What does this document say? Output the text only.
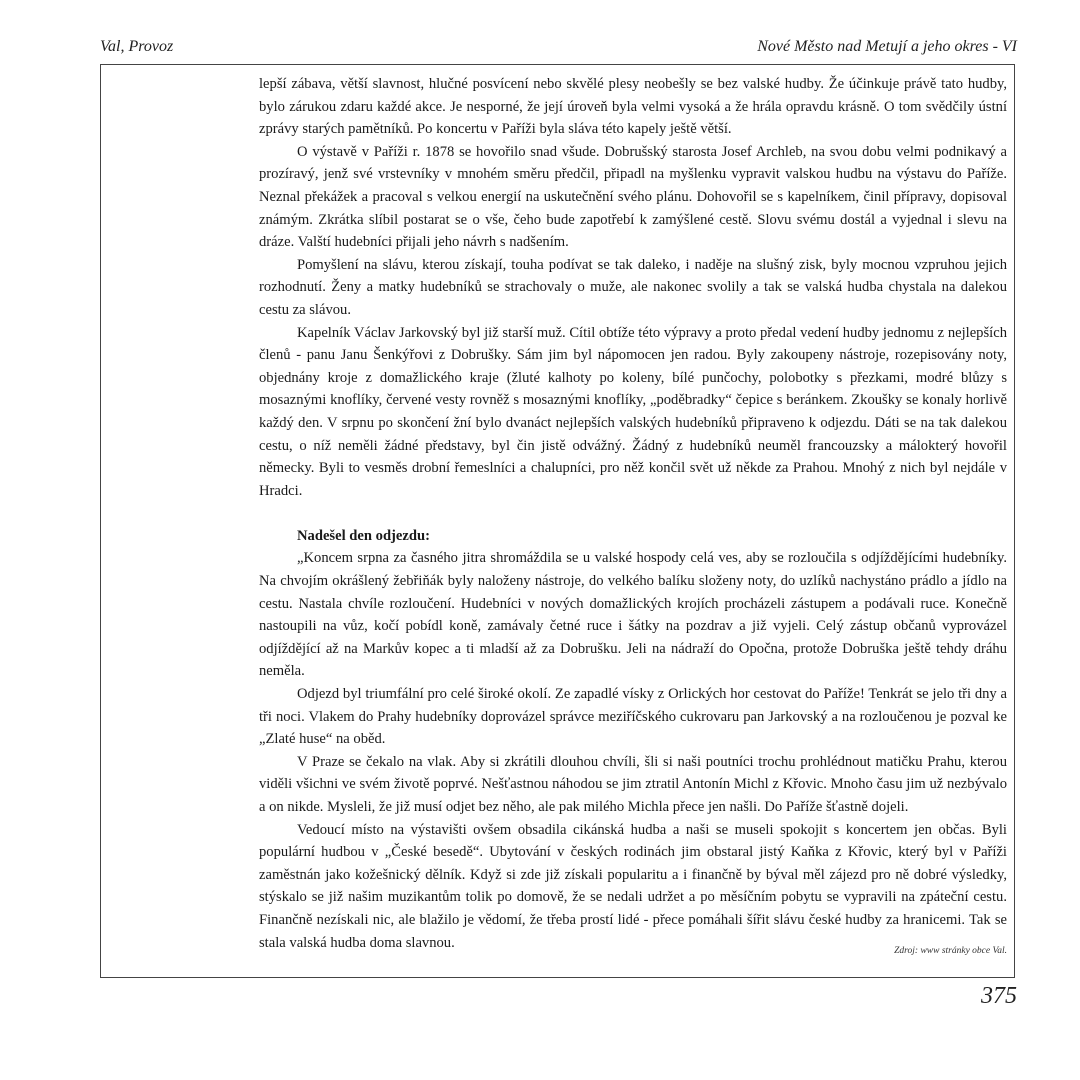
Val, Provoz	Nové Město nad Metují a jeho okres - VI

lepší zábava, větší slavnost, hlučné posvícení nebo skvělé plesy neobešly se bez valské hudby. Že účinkuje právě tato hudby, bylo zárukou zdaru každé akce. Je nesporné, že její úroveň byla velmi vysoká a že hrála opravdu krásně. O tom svědčily ústní zprávy starých pamětníků. Po koncertu v Paříži byla sláva této kapely ještě větší.

O výstavě v Paříži r. 1878 se hovořilo snad všude. Dobrušský starosta Josef Archleb, na svou dobu velmi podnikavý a prozíravý, jenž své vrstevníky v mnohém směru předčil, připadl na myšlenku vypravit valskou hudbu na výstavu do Paříže. Neznal překážek a pracoval s velkou energií na uskutečnění svého plánu. Dohovořil se s kapelníkem, činil přípravy, dopisoval známým. Zkrátka slíbil postarat se o vše, čeho bude zapotřebí k zamýšlené cestě. Slovu svému dostál a vyjednal i slevu na dráze. Valští hudebníci přijali jeho návrh s nadšením.

Pomyšlení na slávu, kterou získají, touha podívat se tak daleko, i naděje na slušný zisk, byly mocnou vzpruhou jejich rozhodnutí. Ženy a matky hudebníků se strachovaly o muže, ale nakonec svolily a tak se valská hudba chystala na dalekou cestu za slávou.

Kapelník Václav Jarkovský byl již starší muž. Cítil obtíže této výpravy a proto předal vedení hudby jednomu z nejlepších členů - panu Janu Šenkýřovi z Dobrušky. Sám jim byl nápomocen jen radou. Byly zakoupeny nástroje, rozepisovány noty, objednány kroje z domažlického kraje (žluté kalhoty po koleny, bílé punčochy, polobotky s přezkami, modré blůzy s mosaznými knoflíky, červené vesty rovněž s mosaznými knoflíky, „poděbradky“ čepice s beránkem. Zkoušky se konaly horlivě každý den. V srpnu po skončení žní bylo dvanáct nejlepších valských hudebníků připraveno k odjezdu. Dáti se na tak dalekou cestu, o níž neměli žádné představy, byl čin jistě odvážný. Žádný z hudebníků neuměl francouzsky a málokterý hovořil německy. Byli to vesměs drobní řemeslníci a chalupníci, pro něž končil svět už někde za Prahou. Mnohý z nich byl nejdále v Hradci.

Nadešel den odjezdu:

„Koncem srpna za časného jitra shromáždila se u valské hospody celá ves, aby se rozloučila s odjíždějícími hudebníky. Na chvojím okrášlený žebřiňák byly naloženy nástroje, do velkého balíku složeny noty, do uzlíků nachystáno prádlo a jídlo na cestu. Nastala chvíle rozloučení. Hudebníci v nových domažlických krojích procházeli zástupem a podávali ruce. Konečně nastoupili na vůz, kočí pobídl koně, zamávaly četné ruce i šátky na pozdrav a již vyjeli. Celý zástup občanů vyprovázel odjíždějící až na Markův kopec a ti mladší až za Dobrušku. Jeli na nádraží do Opočna, protože Dobruška ještě tehdy dráhu neměla.

Odjezd byl triumfální pro celé široké okolí. Ze zapadlé vísky z Orlických hor cestovat do Paříže! Tenkrát se jelo tři dny a tři noci. Vlakem do Prahy hudebníky doprovázel správce meziříčského cukrovaru pan Jarkovský a na rozloučenou je pozval ke „Zlaté huse“ na oběd.

V Praze se čekalo na vlak. Aby si zkrátili dlouhou chvíli, šli si naši poutníci trochu prohlédnout matičku Prahu, kterou viděli všichni ve svém životě poprvé. Nešťastnou náhodou se jim ztratil Antonín Michl z Křovic. Mnoho času jim už nezbývalo a on nikde. Mysleli, že již musí odjet bez něho, ale pak milého Michla přece jen našli. Do Paříže šťastně dojeli.

Vedoucí místo na výstavišti ovšem obsadila cikánská hudba a naši se museli spokojit s koncertem jen občas. Byli populární hudbou v „České besedě“. Ubytování v českých rodinách jim obstaral jistý Kaňka z Křovic, který byl v Paříži zaměstnán jako kožešnický dělník. Když si zde již získali popularitu a i finančně by býval měl zájezd pro ně dobré výsledky, stýskalo se již našim muzikantům tolik po domově, že se nedali udržet a po měsíčním pobytu se vypravili na zpáteční cestu. Finančně nezískali nic, ale blažilo je vědomí, že třeba prostí lidé - přece pomáhali šířit slávu české hudby za hranicemi. Tak se stala valská hudba doma slavnou.

Zdroj: www stránky obce Val.
375
